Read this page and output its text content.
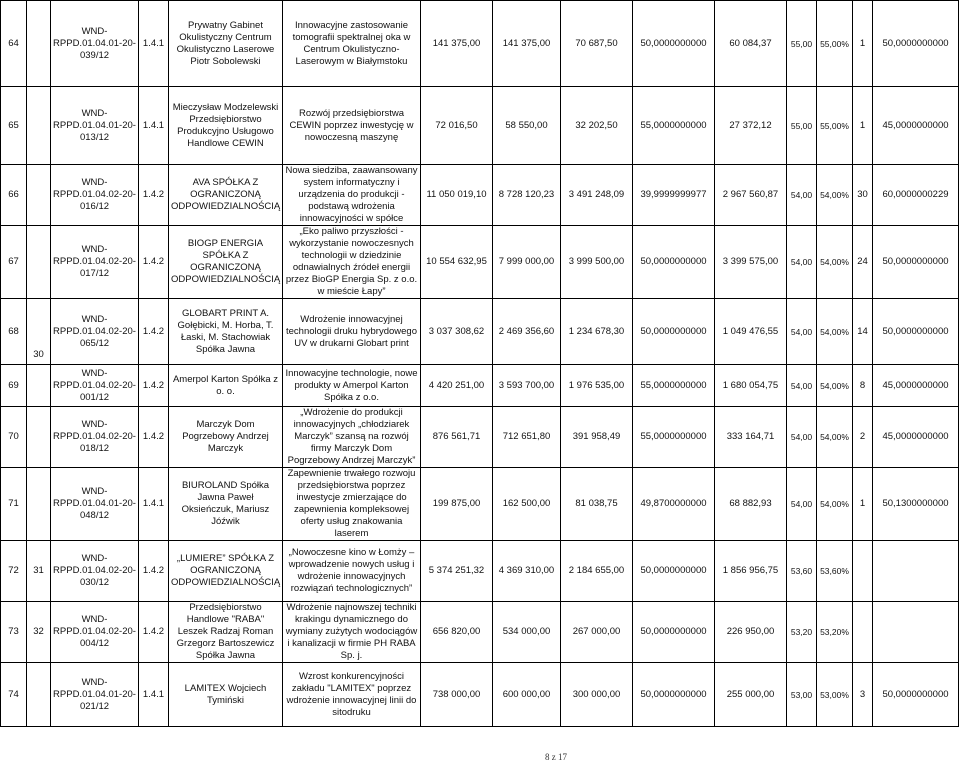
64		WND-RPPD.01.04.01-20-039/12	1.4.1	Prywatny Gabinet Okulistyczny Centrum Okulistyczno Laserowe Piotr Sobolewski	Innowacyjne zastosowanie tomografii spektralnej oka w Centrum Okulistyczno-Laserowym w Białymstoku	141 375,00	141 375,00	70 687,50	50,0000000000	60 084,37	55,00	55,00%	1	50,0000000000
65		WND-RPPD.01.04.01-20-013/12	1.4.1	Mieczysław Modzelewski Przedsiębiorstwo Produkcyjno Usługowo Handlowe CEWIN	Rozwój przedsiębiorstwa CEWIN poprzez inwestycję w nowoczesną maszynę	72 016,50	58 550,00	32 202,50	55,0000000000	27 372,12	55,00	55,00%	1	45,0000000000
66		WND-RPPD.01.04.02-20-016/12	1.4.2	AVA SPÓŁKA Z OGRANICZONĄ ODPOWIEDZIALNOŚCIĄ	Nowa siedziba, zaawansowany system informatyczny i urządzenia do produkcji - podstawą wdrożenia innowacyjności w spółce	11 050 019,10	8 728 120,23	3 491 248,09	39,9999999977	2 967 560,87	54,00	54,00%	30	60,0000000229
67		WND-RPPD.01.04.02-20-017/12	1.4.2	BIOGP ENERGIA SPÓŁKA Z OGRANICZONĄ ODPOWIEDZIALNOŚCIĄ	„Eko paliwo przyszłości - wykorzystanie nowoczesnych technologii w dziedzinie odnawialnych źródeł energii przez BioGP Energia Sp. z o.o. w mieście Łapy”	10 554 632,95	7 999 000,00	3 999 500,00	50,0000000000	3 399 575,00	54,00	54,00%	24	50,0000000000
68	30	WND-RPPD.01.04.02-20-065/12	1.4.2	GLOBART PRINT A. Gołębicki, M. Horba, T. Łaski, M. Stachowiak Spółka Jawna	Wdrożenie innowacyjnej technologii druku hybrydowego UV w drukarni Globart print	3 037 308,62	2 469 356,60	1 234 678,30	50,0000000000	1 049 476,55	54,00	54,00%	14	50,0000000000
69		WND-RPPD.01.04.02-20-001/12	1.4.2	Amerpol Karton Spółka z o. o.	Innowacyjne technologie, nowe produkty w Amerpol Karton Spółka z o.o.	4 420 251,00	3 593 700,00	1 976 535,00	55,0000000000	1 680 054,75	54,00	54,00%	8	45,0000000000
70		WND-RPPD.01.04.02-20-018/12	1.4.2	Marczyk Dom Pogrzebowy Andrzej Marczyk	„Wdrożenie do produkcji innowacyjnych „chłodziarek Marczyk” szansą na rozwój firmy Marczyk Dom Pogrzebowy Andrzej Marczyk”	876 561,71	712 651,80	391 958,49	55,0000000000	333 164,71	54,00	54,00%	2	45,0000000000
71		WND-RPPD.01.04.01-20-048/12	1.4.1	BIUROLAND Spółka Jawna Paweł Oksieńczuk, Mariusz Jóźwik	Zapewnienie trwałego rozwoju przedsiębiorstwa poprzez inwestycje zmierzające do zapewnienia kompleksowej oferty usług znakowania laserem	199 875,00	162 500,00	81 038,75	49,8700000000	68 882,93	54,00	54,00%	1	50,1300000000
72	31	WND-RPPD.01.04.02-20-030/12	1.4.2	„LUMIERE” SPÓŁKA Z OGRANICZONĄ ODPOWIEDZIALNOŚCIĄ	„Nowoczesne kino w Łomży – wprowadzenie nowych usług i wdrożenie innowacyjnych rozwiązań technologicznych”	5 374 251,32	4 369 310,00	2 184 655,00	50,0000000000	1 856 956,75	53,60	53,60%		
73	32	WND-RPPD.01.04.02-20-004/12	1.4.2	Przedsiębiorstwo Handlowe "RABA" Leszek Radzaj Roman Grzegorz Bartoszewicz Spółka Jawna	Wdrożenie najnowszej techniki krakingu dynamicznego do wymiany zużytych wodociągów i kanalizacji w firmie PH RABA Sp. j.	656 820,00	534 000,00	267 000,00	50,0000000000	226 950,00	53,20	53,20%		
74		WND-RPPD.01.04.01-20-021/12	1.4.1	LAMITEX Wojciech Tymiński	Wzrost konkurencyjności zakładu "LAMITEX" poprzez wdrożenie innowacyjnej linii do sitodruku	738 000,00	600 000,00	300 000,00	50,0000000000	255 000,00	53,00	53,00%	3	50,0000000000
8 z 17
